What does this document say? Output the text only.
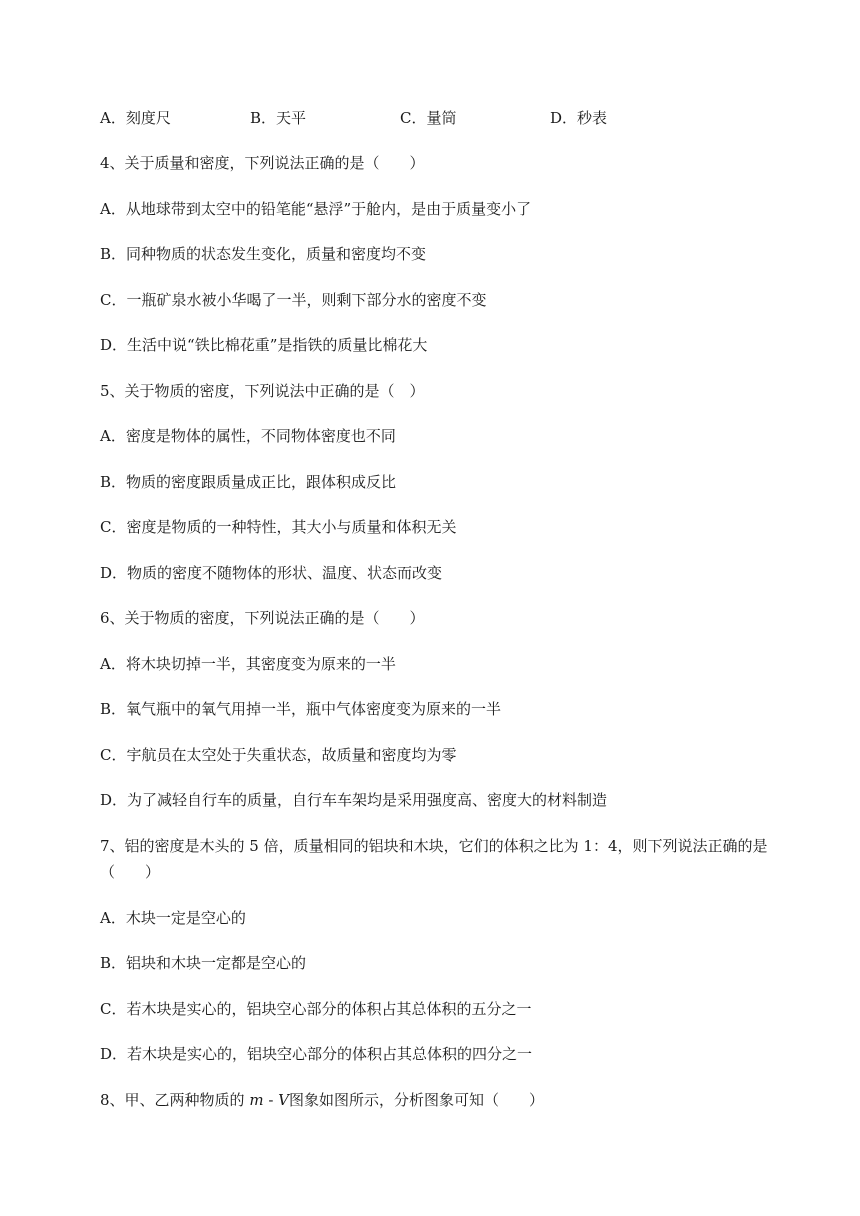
A．刻度尺	B．天平	C．量筒	D．秒表
4、关于质量和密度，下列说法正确的是（　　）
A．从地球带到太空中的铅笔能“悬浮”于舱内，是由于质量变小了
B．同种物质的状态发生变化，质量和密度均不变
C．一瓶矿泉水被小华喝了一半，则剩下部分水的密度不变
D．生活中说“铁比棉花重”是指铁的质量比棉花大
5、关于物质的密度，下列说法中正确的是（　）
A．密度是物体的属性，不同物体密度也不同
B．物质的密度跟质量成正比，跟体积成反比
C．密度是物质的一种特性，其大小与质量和体积无关
D．物质的密度不随物体的形状、温度、状态而改变
6、关于物质的密度，下列说法正确的是（　　）
A．将木块切掉一半，其密度变为原来的一半
B．氧气瓶中的氧气用掉一半，瓶中气体密度变为原来的一半
C．宇航员在太空处于失重状态，故质量和密度均为零
D．为了减轻自行车的质量，自行车车架均是采用强度高、密度大的材料制造
7、铝的密度是木头的 5 倍，质量相同的铝块和木块，它们的体积之比为 1：4，则下列说法正确的是
（　　）
A．木块一定是空心的
B．铝块和木块一定都是空心的
C．若木块是实心的，铝块空心部分的体积占其总体积的五分之一
D．若木块是实心的，铝块空心部分的体积占其总体积的四分之一
8、甲、乙两种物质的 m - V图象如图所示，分析图象可知（　　）
